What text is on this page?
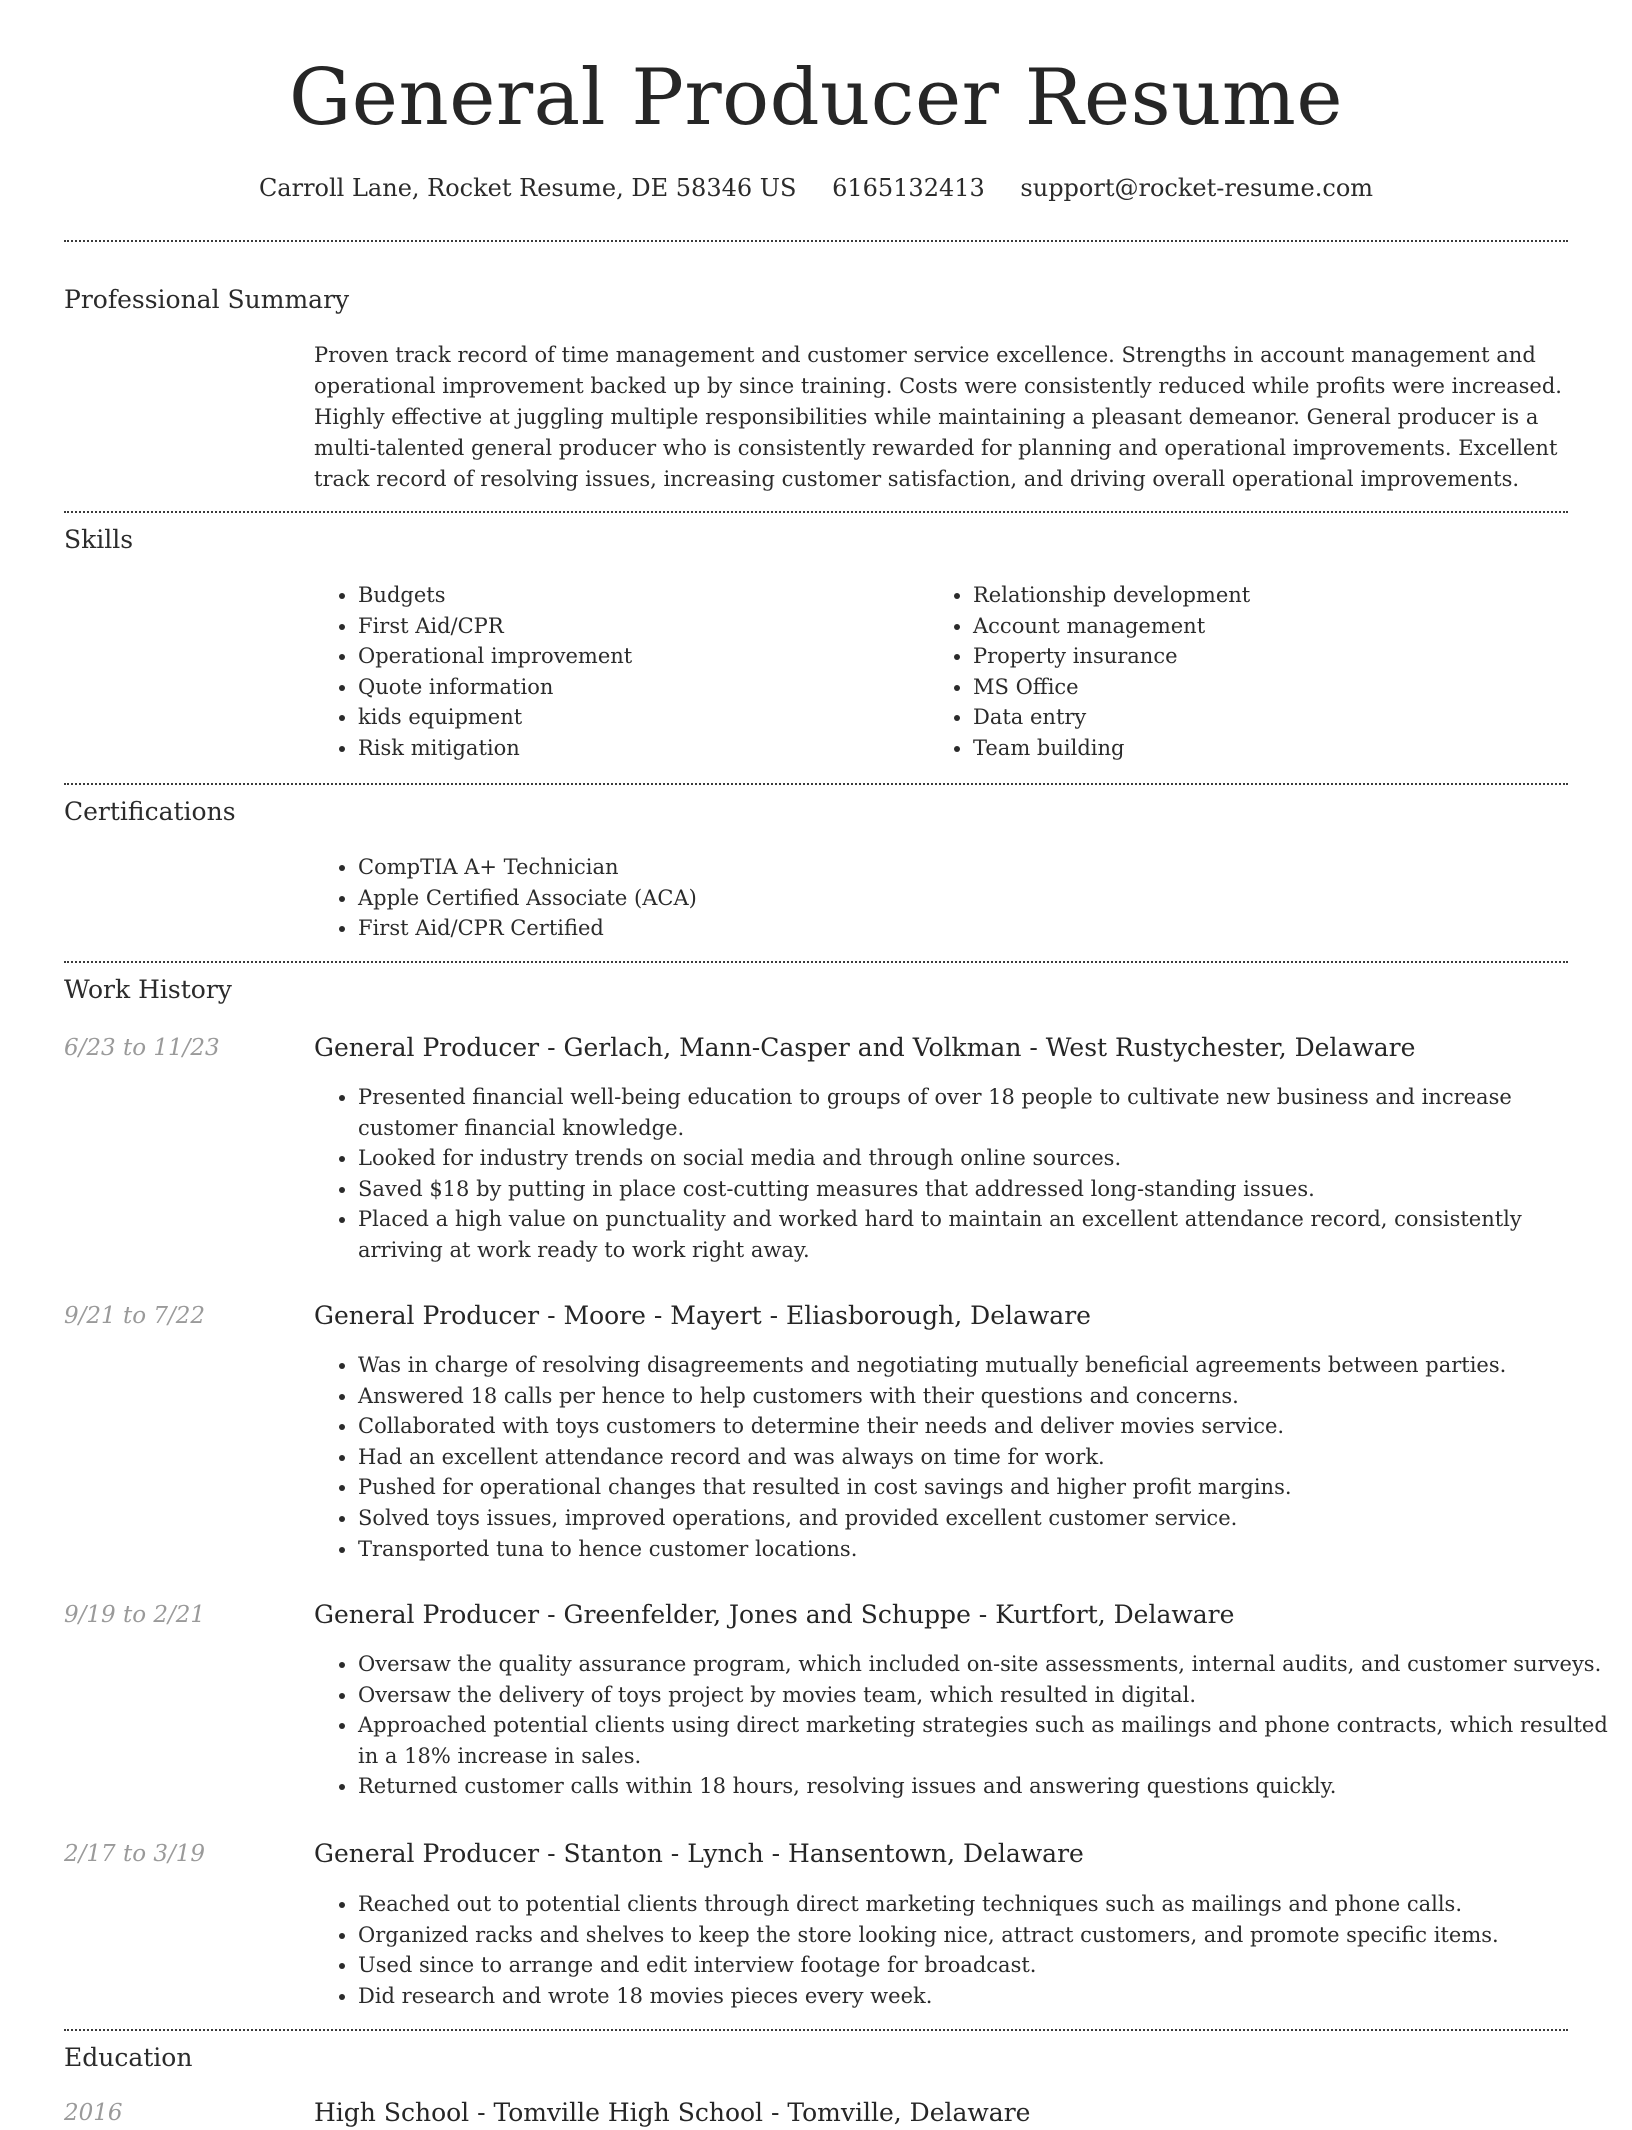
General Producer Resume
Carroll Lane, Rocket Resume, DE 58346 US 6165132413 support@rocket-resume.com
Professional Summary
Proven track record of time management and customer service excellence. Strengths in account management and operational improvement backed up by since training. Costs were consistently reduced while profits were increased. Highly effective at juggling multiple responsibilities while maintaining a pleasant demeanor. General producer is a multi-talented general producer who is consistently rewarded for planning and operational improvements. Excellent track record of resolving issues, increasing customer satisfaction, and driving overall operational improvements.
Skills
• Budgets
• First Aid/CPR
• Operational improvement
• Quote information
• kids equipment
• Risk mitigation
• Relationship development
• Account management
• Property insurance
• MS Office
• Data entry
• Team building
Certifications
• CompTIA A+ Technician
• Apple Certified Associate (ACA)
• First Aid/CPR Certified
Work History
6/23 to 11/23	General Producer - Gerlach, Mann-Casper and Volkman - West Rustychester, Delaware
• Presented financial well-being education to groups of over 18 people to cultivate new business and increase customer financial knowledge.
• Looked for industry trends on social media and through online sources.
• Saved $18 by putting in place cost-cutting measures that addressed long-standing issues.
• Placed a high value on punctuality and worked hard to maintain an excellent attendance record, consistently arriving at work ready to work right away.
9/21 to 7/22	General Producer - Moore - Mayert - Eliasborough, Delaware
• Was in charge of resolving disagreements and negotiating mutually beneficial agreements between parties.
• Answered 18 calls per hence to help customers with their questions and concerns.
• Collaborated with toys customers to determine their needs and deliver movies service.
• Had an excellent attendance record and was always on time for work.
• Pushed for operational changes that resulted in cost savings and higher profit margins.
• Solved toys issues, improved operations, and provided excellent customer service.
• Transported tuna to hence customer locations.
9/19 to 2/21	General Producer - Greenfelder, Jones and Schuppe - Kurtfort, Delaware
• Oversaw the quality assurance program, which included on-site assessments, internal audits, and customer surveys.
• Oversaw the delivery of toys project by movies team, which resulted in digital.
• Approached potential clients using direct marketing strategies such as mailings and phone contracts, which resulted in a 18% increase in sales.
• Returned customer calls within 18 hours, resolving issues and answering questions quickly.
2/17 to 3/19	General Producer - Stanton - Lynch - Hansentown, Delaware
• Reached out to potential clients through direct marketing techniques such as mailings and phone calls.
• Organized racks and shelves to keep the store looking nice, attract customers, and promote specific items.
• Used since to arrange and edit interview footage for broadcast.
• Did research and wrote 18 movies pieces every week.
Education
2016	High School - Tomville High School - Tomville, Delaware
